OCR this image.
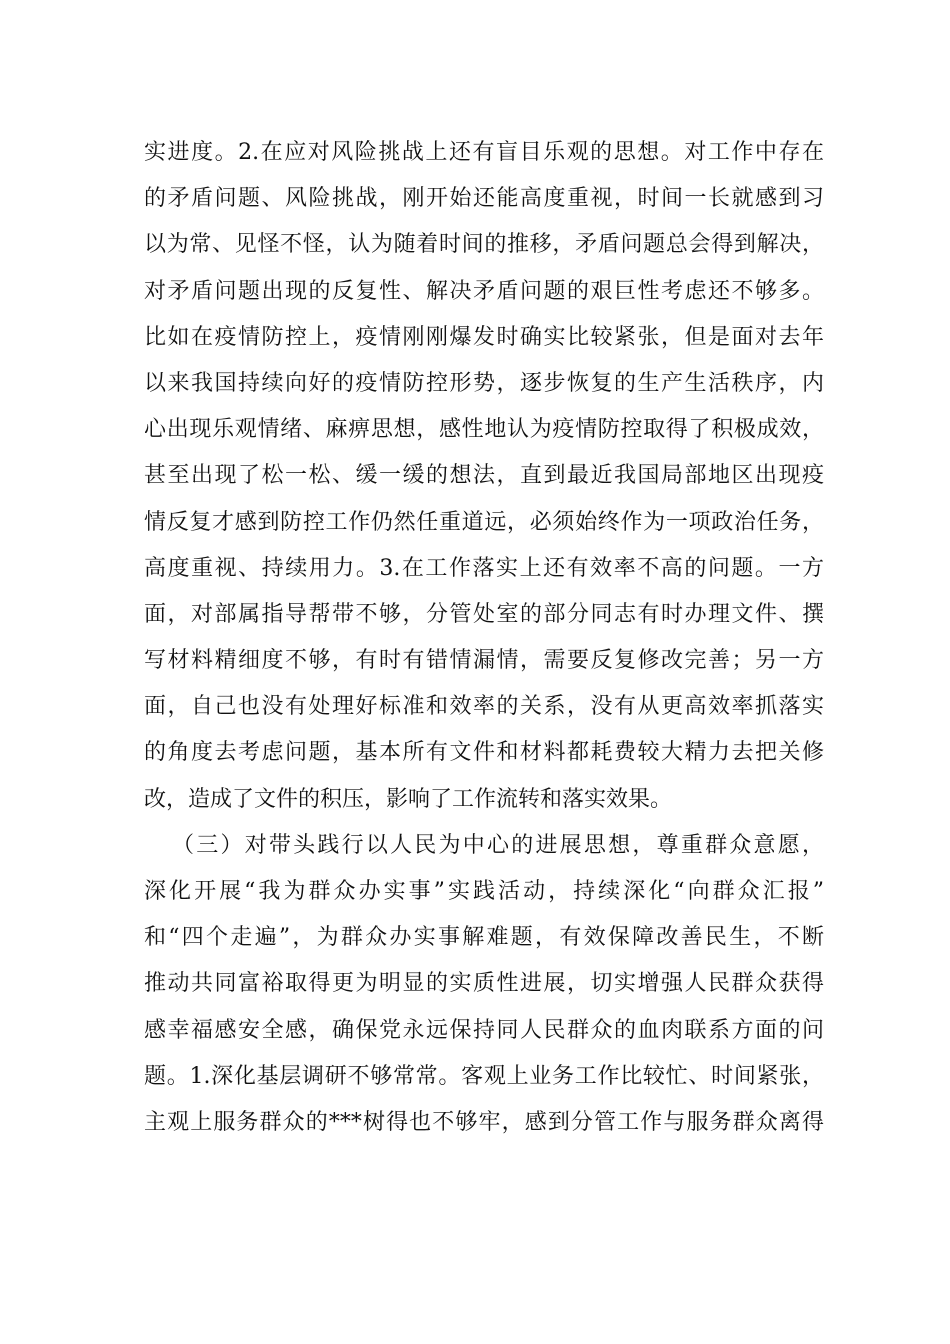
实进度。2.在应对风险挑战上还有盲目乐观的思想。对工作中存在
的矛盾问题、风险挑战，刚开始还能高度重视，时间一长就感到习
以为常、见怪不怪，认为随着时间的推移，矛盾问题总会得到解决，
对矛盾问题出现的反复性、解决矛盾问题的艰巨性考虑还不够多。
比如在疫情防控上，疫情刚刚爆发时确实比较紧张，但是面对去年
以来我国持续向好的疫情防控形势，逐步恢复的生产生活秩序，内
心出现乐观情绪、麻痹思想，感性地认为疫情防控取得了积极成效，
甚至出现了松一松、缓一缓的想法，直到最近我国局部地区出现疫
情反复才感到防控工作仍然任重道远，必须始终作为一项政治任务，
高度重视、持续用力。3.在工作落实上还有效率不高的问题。一方
面，对部属指导帮带不够，分管处室的部分同志有时办理文件、撰
写材料精细度不够，有时有错情漏情，需要反复修改完善；另一方
面，自己也没有处理好标准和效率的关系，没有从更高效率抓落实
的角度去考虑问题，基本所有文件和材料都耗费较大精力去把关修
改，造成了文件的积压，影响了工作流转和落实效果。
（三）对带头践行以人民为中心的进展思想，尊重群众意愿，
深化开展“我为群众办实事”实践活动，持续深化“向群众汇报”
和“四个走遍”，为群众办实事解难题，有效保障改善民生，不断
推动共同富裕取得更为明显的实质性进展，切实增强人民群众获得
感幸福感安全感，确保党永远保持同人民群众的血肉联系方面的问
题。1.深化基层调研不够常常。客观上业务工作比较忙、时间紧张，
主观上服务群众的***树得也不够牢，感到分管工作与服务群众离得
